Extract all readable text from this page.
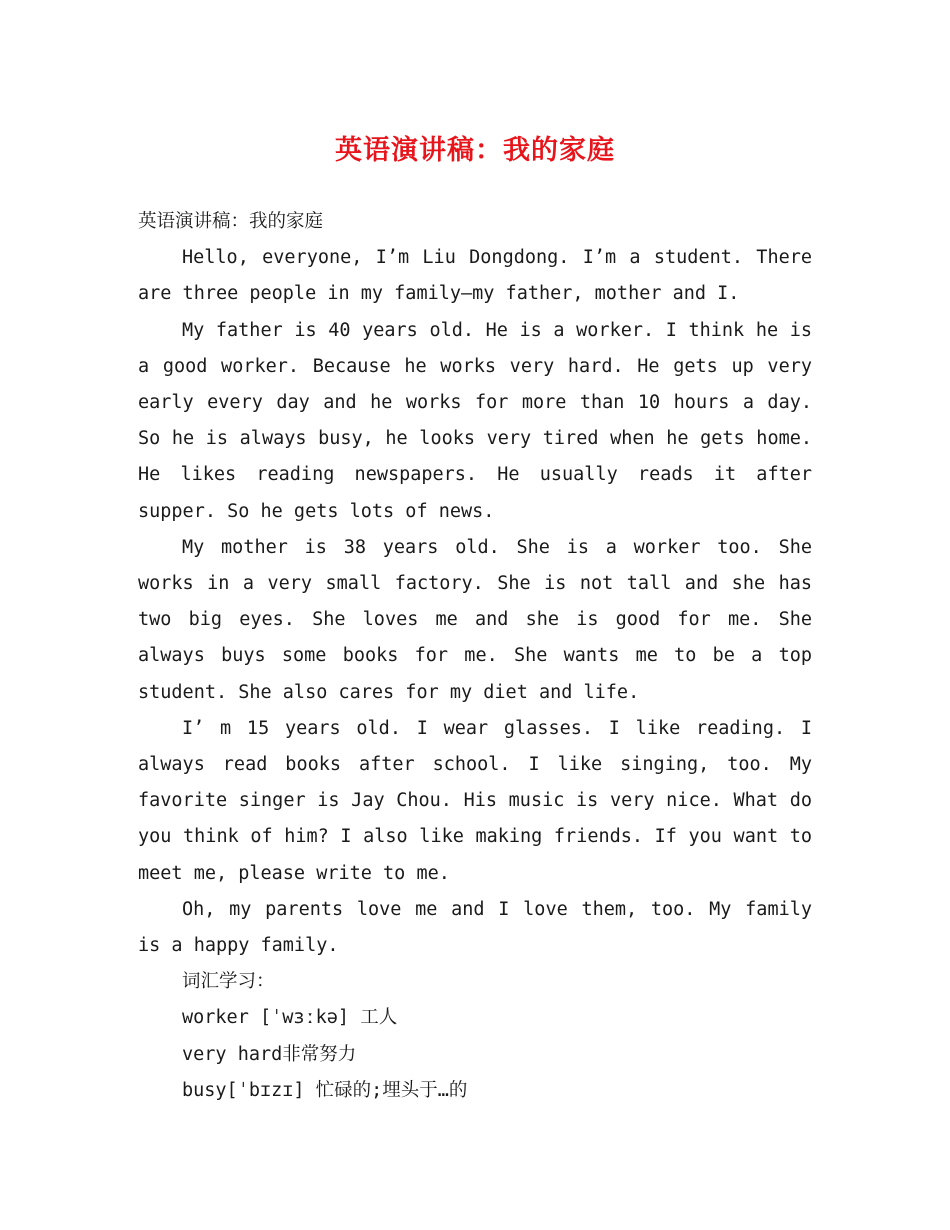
英语演讲稿：我的家庭

英语演讲稿：我的家庭

Hello, everyone, I’m Liu Dongdong. I’m a student. There are three people in my family—my father, mother and I.

My father is 40 years old. He is a worker. I think he is a good worker. Because he works very hard. He gets up very early every day and he works for more than 10 hours a day. So he is always busy, he looks very tired when he gets home. He likes reading newspapers. He usually reads it after supper. So he gets lots of news.

My mother is 38 years old. She is a worker too. She works in a very small factory. She is not tall and she has two big eyes. She loves me and she is good for me. She always buys some books for me. She wants me to be a top student. She also cares for my diet and life.

I’ m 15 years old. I wear glasses. I like reading. I always read books after school. I like singing, too. My favorite singer is Jay Chou. His music is very nice. What do you think of him? I also like making friends. If you want to meet me, please write to me.

Oh, my parents love me and I love them, too. My family is a happy family.

词汇学习：

worker [ˈwɜːkə] 工人

very hard非常努力

busy[ˈbɪzɪ] 忙碌的;埋头于…的
